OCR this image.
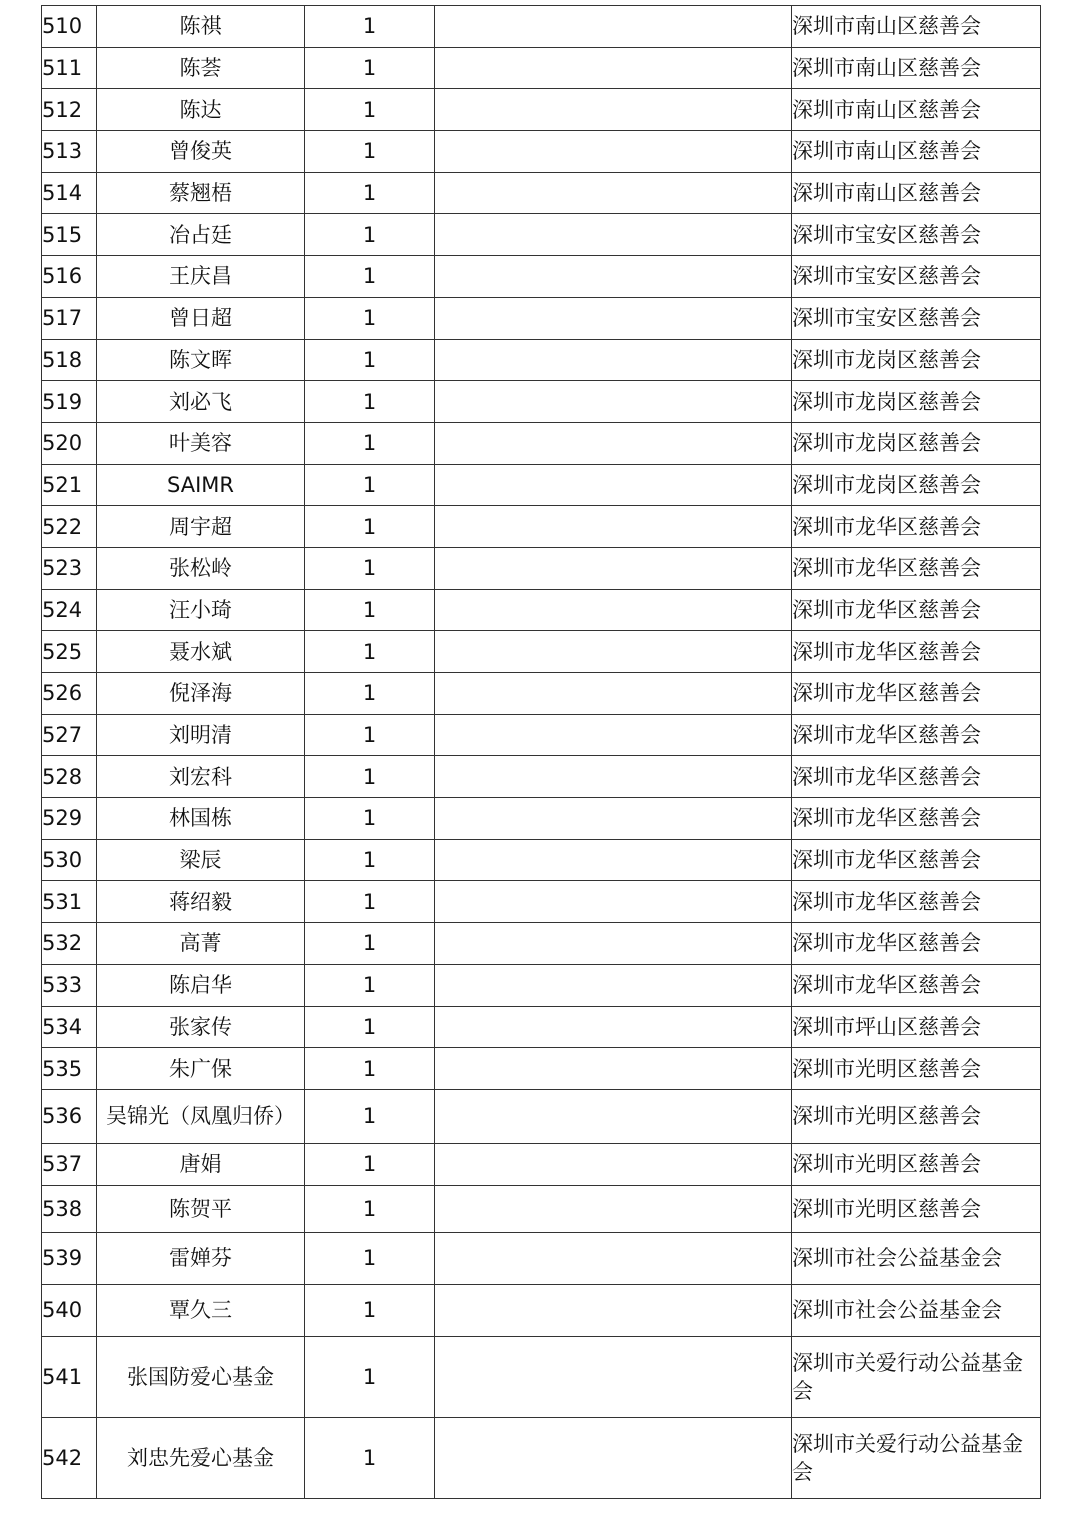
510	陈祺	1		深圳市南山区慈善会
511	陈荟	1		深圳市南山区慈善会
512	陈达	1		深圳市南山区慈善会
513	曾俊英	1		深圳市南山区慈善会
514	蔡翘梧	1		深圳市南山区慈善会
515	冶占廷	1		深圳市宝安区慈善会
516	王庆昌	1		深圳市宝安区慈善会
517	曾日超	1		深圳市宝安区慈善会
518	陈文晖	1		深圳市龙岗区慈善会
519	刘必飞	1		深圳市龙岗区慈善会
520	叶美容	1		深圳市龙岗区慈善会
521	SAIMR	1		深圳市龙岗区慈善会
522	周宇超	1		深圳市龙华区慈善会
523	张松岭	1		深圳市龙华区慈善会
524	汪小琦	1		深圳市龙华区慈善会
525	聂水斌	1		深圳市龙华区慈善会
526	倪泽海	1		深圳市龙华区慈善会
527	刘明清	1		深圳市龙华区慈善会
528	刘宏科	1		深圳市龙华区慈善会
529	林国栋	1		深圳市龙华区慈善会
530	梁辰	1		深圳市龙华区慈善会
531	蒋绍毅	1		深圳市龙华区慈善会
532	高菁	1		深圳市龙华区慈善会
533	陈启华	1		深圳市龙华区慈善会
534	张家传	1		深圳市坪山区慈善会
535	朱广保	1		深圳市光明区慈善会
536	吴锦光（凤凰归侨）	1		深圳市光明区慈善会
537	唐娟	1		深圳市光明区慈善会
538	陈贺平	1		深圳市光明区慈善会
539	雷婵芬	1		深圳市社会公益基金会
540	覃久三	1		深圳市社会公益基金会
541	张国防爱心基金	1		深圳市关爱行动公益基金会
542	刘忠先爱心基金	1		深圳市关爱行动公益基金会
